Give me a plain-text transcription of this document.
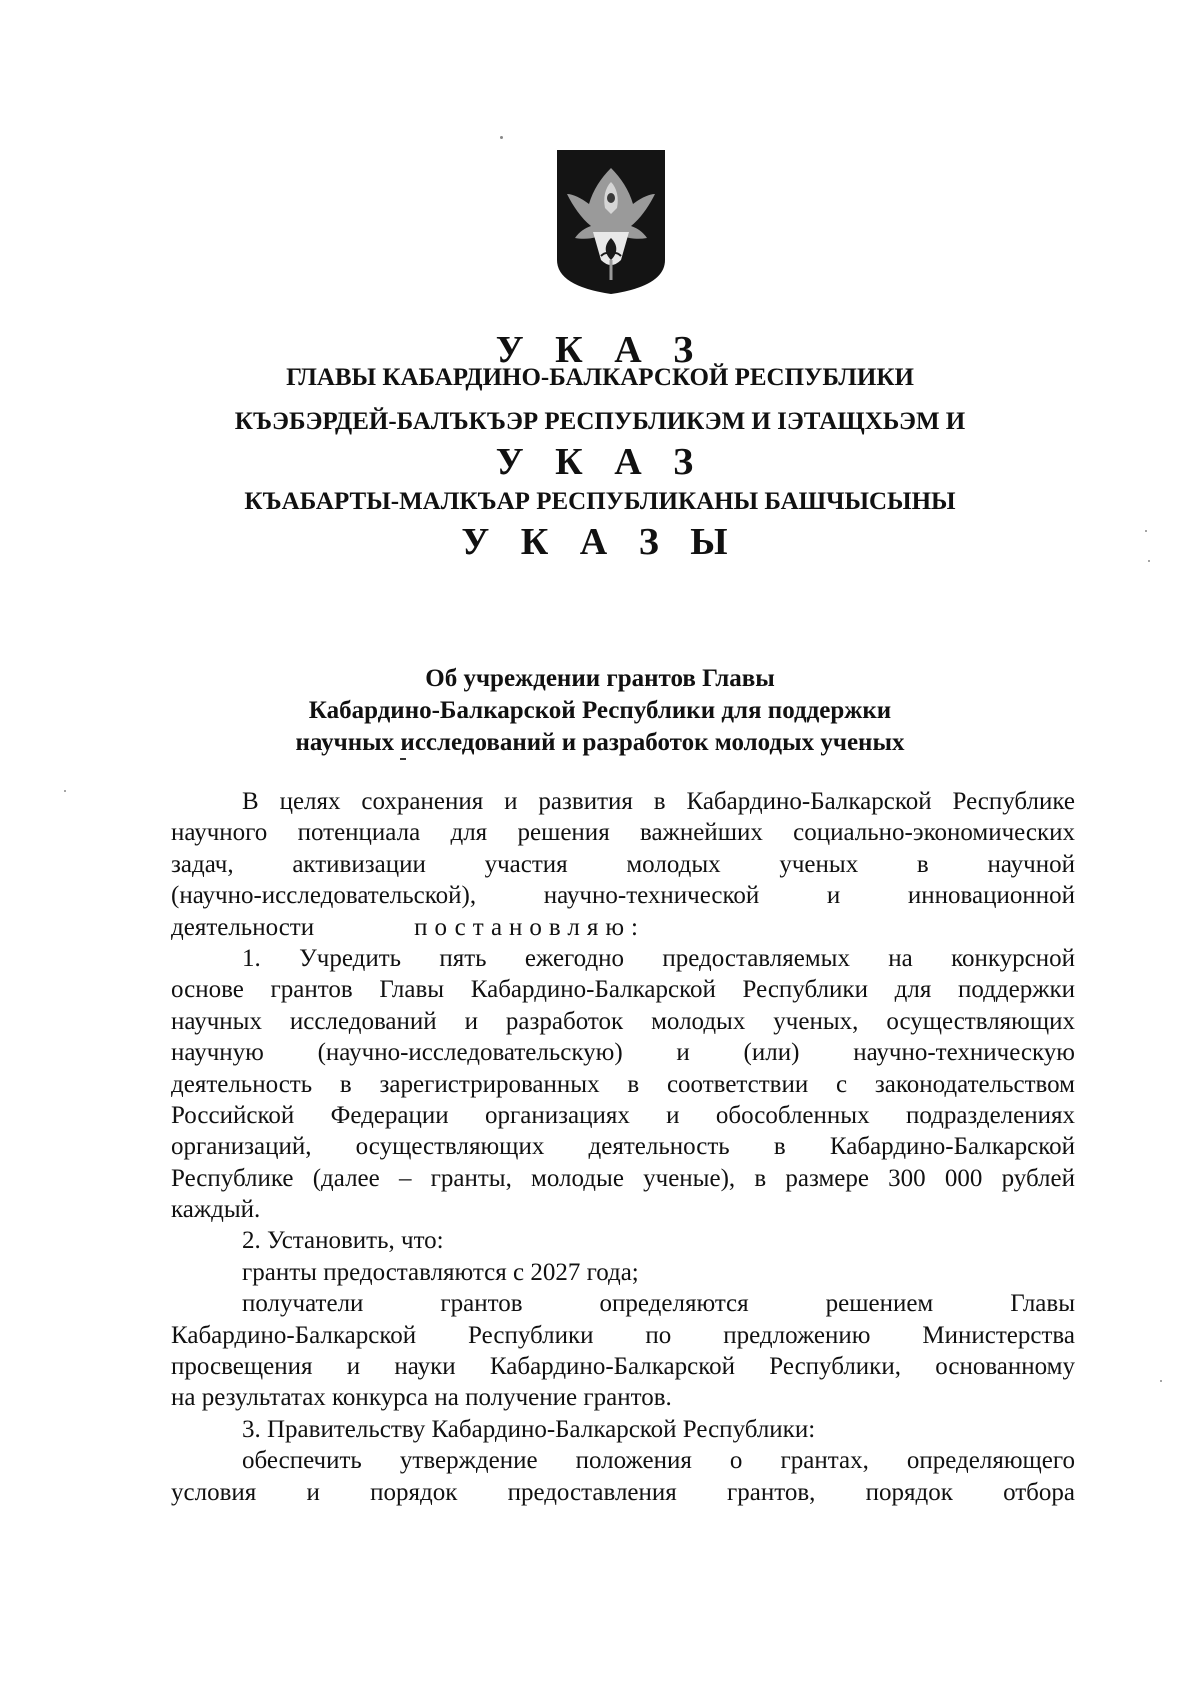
У К А З
ГЛАВЫ КАБАРДИНО-БАЛКАРСКОЙ РЕСПУБЛИКИ
КЪЭБЭРДЕЙ-БАЛЪКЪЭР РЕСПУБЛИКЭМ И ІЭТАЩХЬЭМ И
У К А З
КЪАБАРТЫ-МАЛКЪАР РЕСПУБЛИКАНЫ БАШЧЫСЫНЫ
У К А З Ы
Об учреждении грантов Главы
Кабардино-Балкарской Республики для поддержки
научных исследований и разработок молодых ученых
В целях сохранения и развития в Кабардино-Балкарской Республике
научного потенциала для решения важнейших социально-экономических
задач, активизации участия молодых ученых в научной
(научно-исследовательской), научно-технической и инновационной
деятельности	постановляю:
1. Учредить пять ежегодно предоставляемых на конкурсной
основе грантов Главы Кабардино-Балкарской Республики для поддержки
научных исследований и разработок молодых ученых, осуществляющих
научную (научно-исследовательскую) и (или) научно-техническую
деятельность в зарегистрированных в соответствии с законодательством
Российской Федерации организациях и обособленных подразделениях
организаций, осуществляющих деятельность в Кабардино-Балкарской
Республике (далее – гранты, молодые ученые), в размере 300 000 рублей
каждый.
2. Установить, что:
гранты предоставляются с 2027 года;
получатели грантов определяются решением Главы
Кабардино-Балкарской Республики по предложению Министерства
просвещения и науки Кабардино-Балкарской Республики, основанному
на результатах конкурса на получение грантов.
3. Правительству Кабардино-Балкарской Республики:
обеспечить утверждение положения о грантах, определяющего
условия и порядок предоставления грантов, порядок отбора
